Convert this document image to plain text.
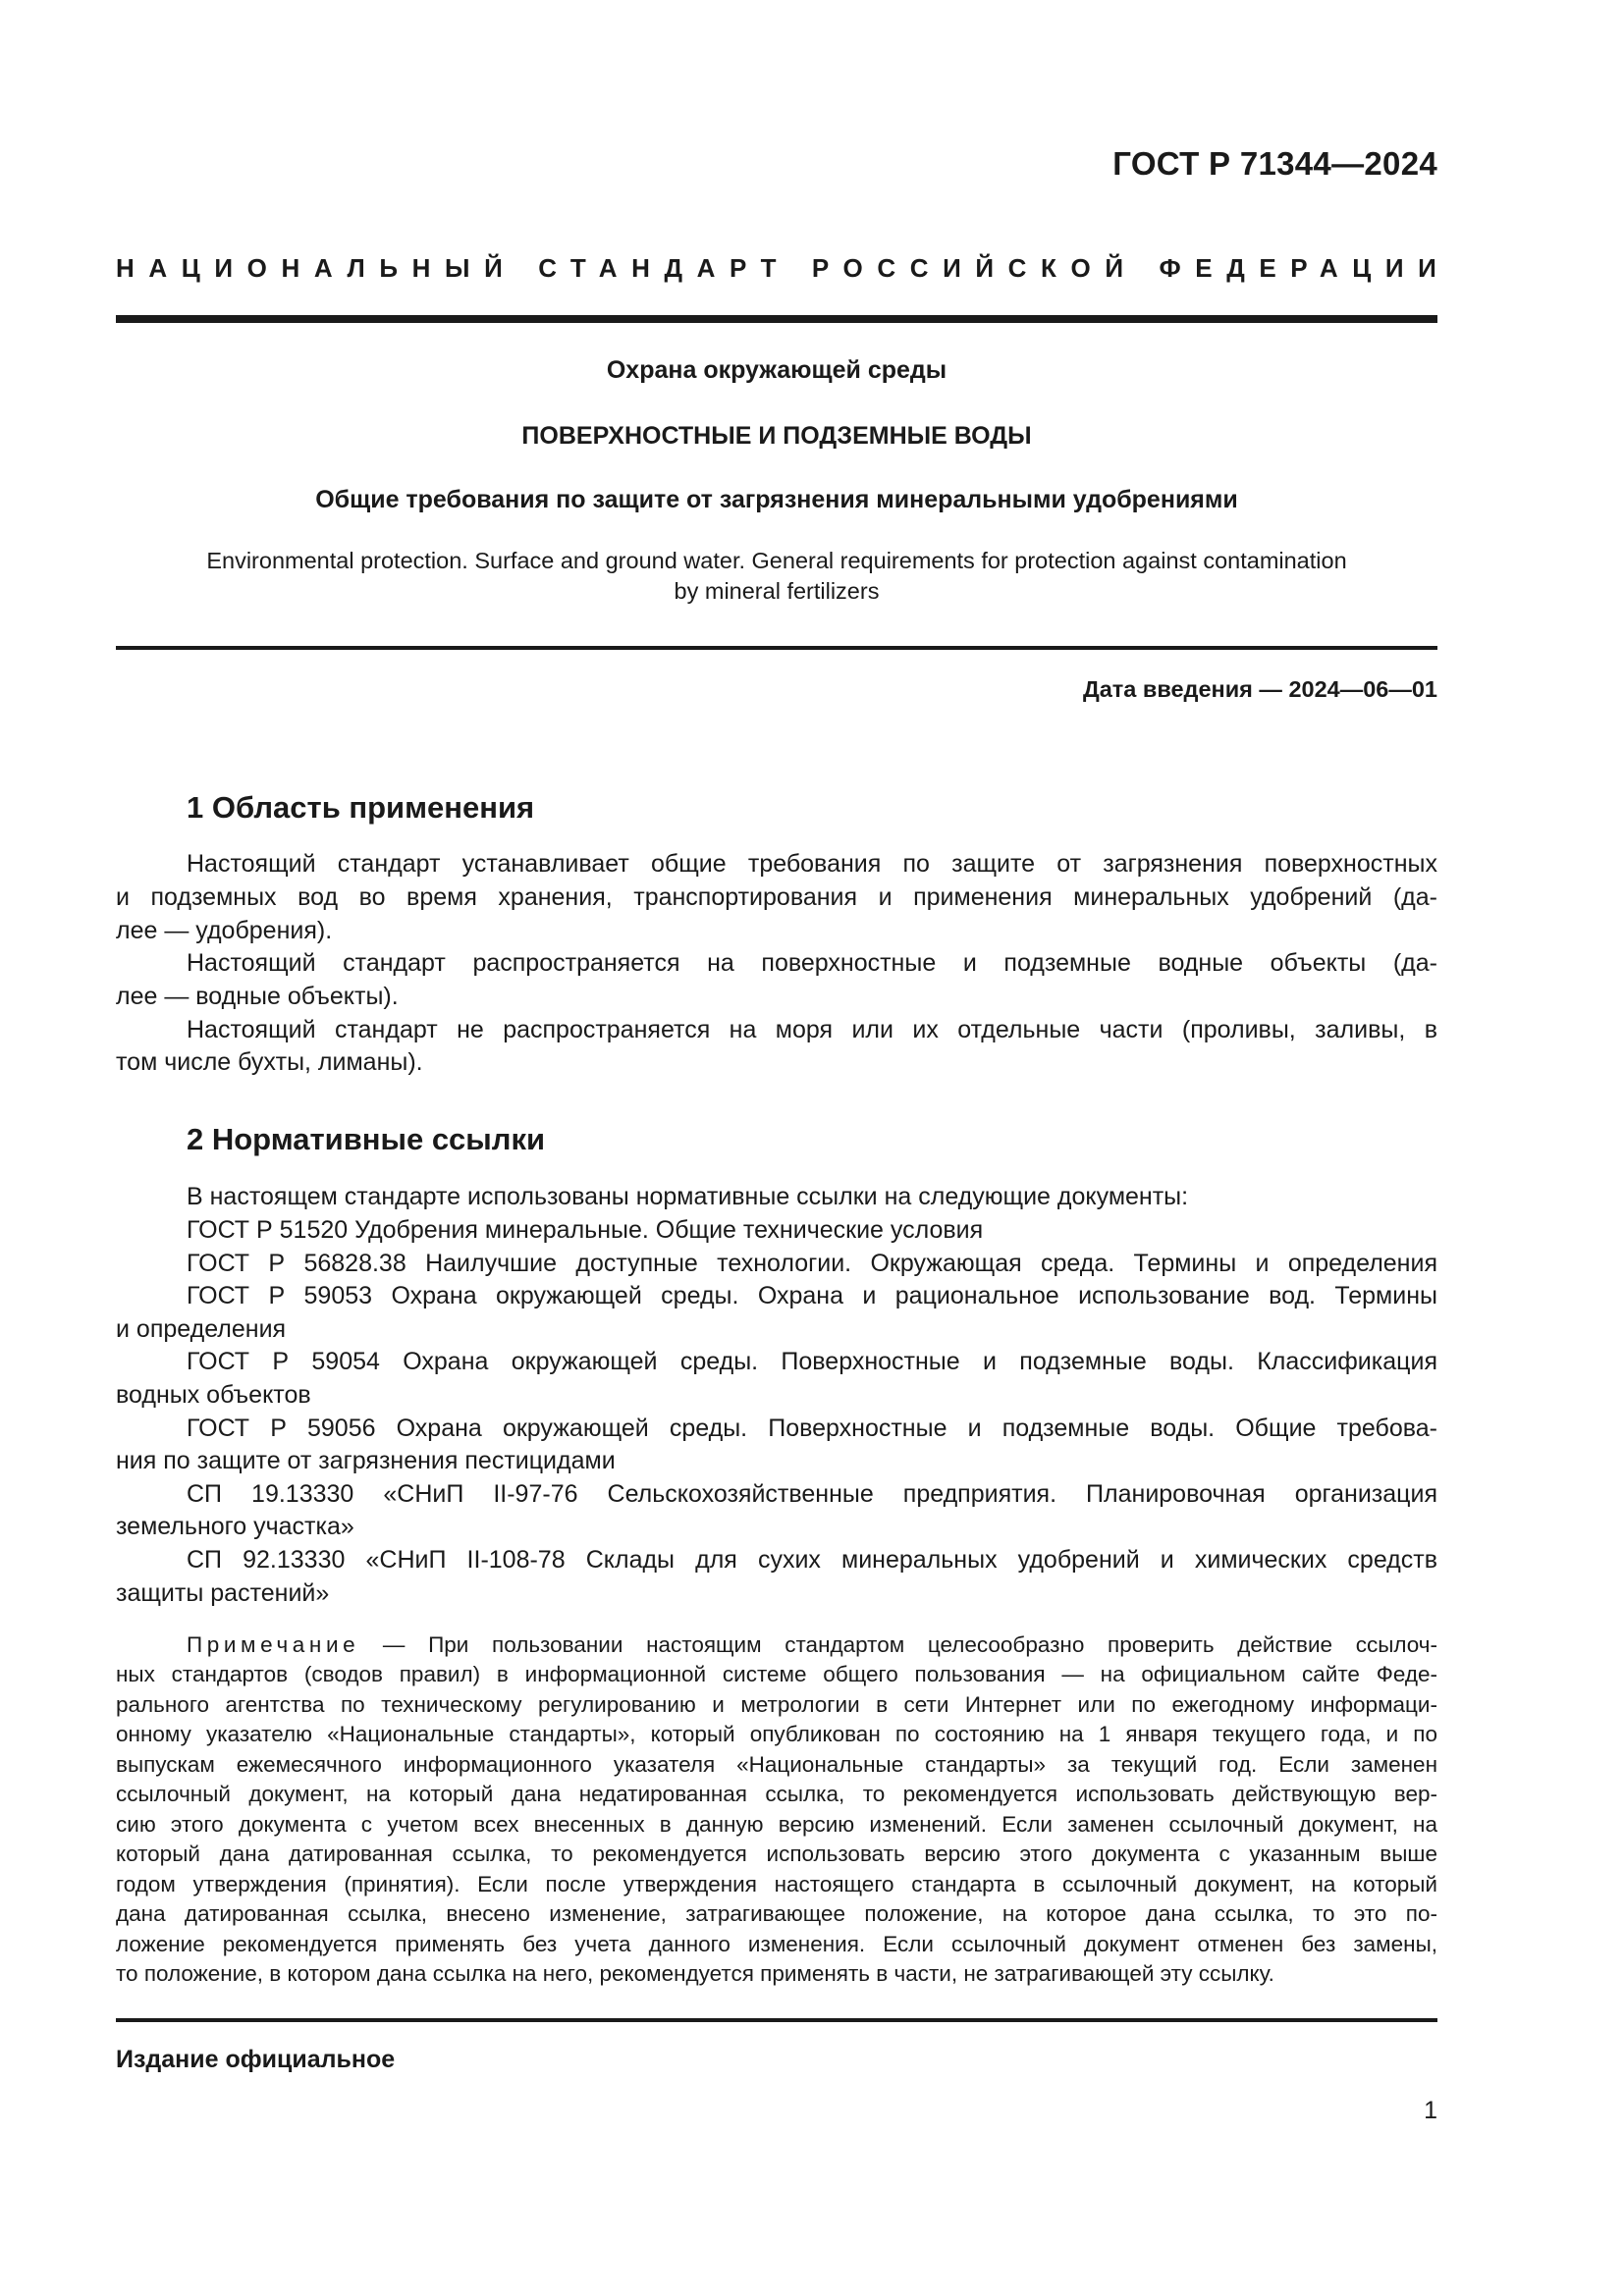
ГОСТ Р 71344—2024
НАЦИОНАЛЬНЫЙ СТАНДАРТ РОССИЙСКОЙ ФЕДЕРАЦИИ
Охрана окружающей среды
ПОВЕРХНОСТНЫЕ И ПОДЗЕМНЫЕ ВОДЫ
Общие требования по защите от загрязнения минеральными удобрениями
Environmental protection. Surface and ground water. General requirements for protection against contamination
by mineral fertilizers
Дата введения — 2024—06—01
1 Область применения
Настоящий стандарт устанавливает общие требования по защите от загрязнения поверхностных
и подземных вод во время хранения, транспортирования и применения минеральных удобрений (да-
лее — удобрения).
Настоящий стандарт распространяется на поверхностные и подземные водные объекты (да-
лее — водные объекты).
Настоящий стандарт не распространяется на моря или их отдельные части (проливы, заливы, в
том числе бухты, лиманы).
2 Нормативные ссылки
В настоящем стандарте использованы нормативные ссылки на следующие документы:
ГОСТ Р 51520 Удобрения минеральные. Общие технические условия
ГОСТ Р 56828.38 Наилучшие доступные технологии. Окружающая среда. Термины и определения
ГОСТ Р 59053 Охрана окружающей среды. Охрана и рациональное использование вод. Термины
и определения
ГОСТ Р 59054 Охрана окружающей среды. Поверхностные и подземные воды. Классификация
водных объектов
ГОСТ Р 59056 Охрана окружающей среды. Поверхностные и подземные воды. Общие требова-
ния по защите от загрязнения пестицидами
СП 19.13330 «СНиП II-97-76 Сельскохозяйственные предприятия. Планировочная организация
земельного участка»
СП 92.13330 «СНиП II-108-78 Склады для сухих минеральных удобрений и химических средств
защиты растений»
Примечание — При пользовании настоящим стандартом целесообразно проверить действие ссылоч-
ных стандартов (сводов правил) в информационной системе общего пользования — на официальном сайте Феде-
рального агентства по техническому регулированию и метрологии в сети Интернет или по ежегодному информаци-
онному указателю «Национальные стандарты», который опубликован по состоянию на 1 января текущего года, и по
выпускам ежемесячного информационного указателя «Национальные стандарты» за текущий год. Если заменен
ссылочный документ, на который дана недатированная ссылка, то рекомендуется использовать действующую вер-
сию этого документа с учетом всех внесенных в данную версию изменений. Если заменен ссылочный документ, на
который дана датированная ссылка, то рекомендуется использовать версию этого документа с указанным выше
годом утверждения (принятия). Если после утверждения настоящего стандарта в ссылочный документ, на который
дана датированная ссылка, внесено изменение, затрагивающее положение, на которое дана ссылка, то это по-
ложение рекомендуется применять без учета данного изменения. Если ссылочный документ отменен без замены,
то положение, в котором дана ссылка на него, рекомендуется применять в части, не затрагивающей эту ссылку.
Издание официальное
1
